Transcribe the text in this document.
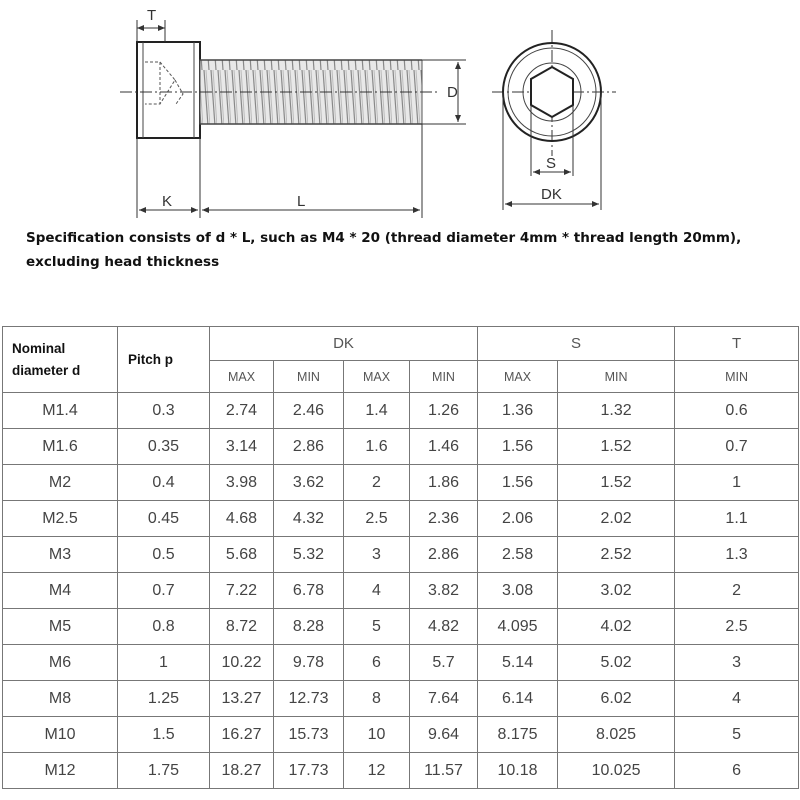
T
D
K	L
S
DK
Specification consists of d * L, such as M4 * 20 (thread diameter 4mm * thread length 20mm),
excluding head thickness
Nominal
diameter d	Pitch p	DK				S		T
		MAX	MIN	MAX	MIN	MAX	MIN	MIN
M1.4	0.3	2.74	2.46	1.4	1.26	1.36	1.32	0.6
M1.6	0.35	3.14	2.86	1.6	1.46	1.56	1.52	0.7
M2	0.4	3.98	3.62	2	1.86	1.56	1.52	1
M2.5	0.45	4.68	4.32	2.5	2.36	2.06	2.02	1.1
M3	0.5	5.68	5.32	3	2.86	2.58	2.52	1.3
M4	0.7	7.22	6.78	4	3.82	3.08	3.02	2
M5	0.8	8.72	8.28	5	4.82	4.095	4.02	2.5
M6	1	10.22	9.78	6	5.7	5.14	5.02	3
M8	1.25	13.27	12.73	8	7.64	6.14	6.02	4
M10	1.5	16.27	15.73	10	9.64	8.175	8.025	5
M12	1.75	18.27	17.73	12	11.57	10.18	10.025	6
